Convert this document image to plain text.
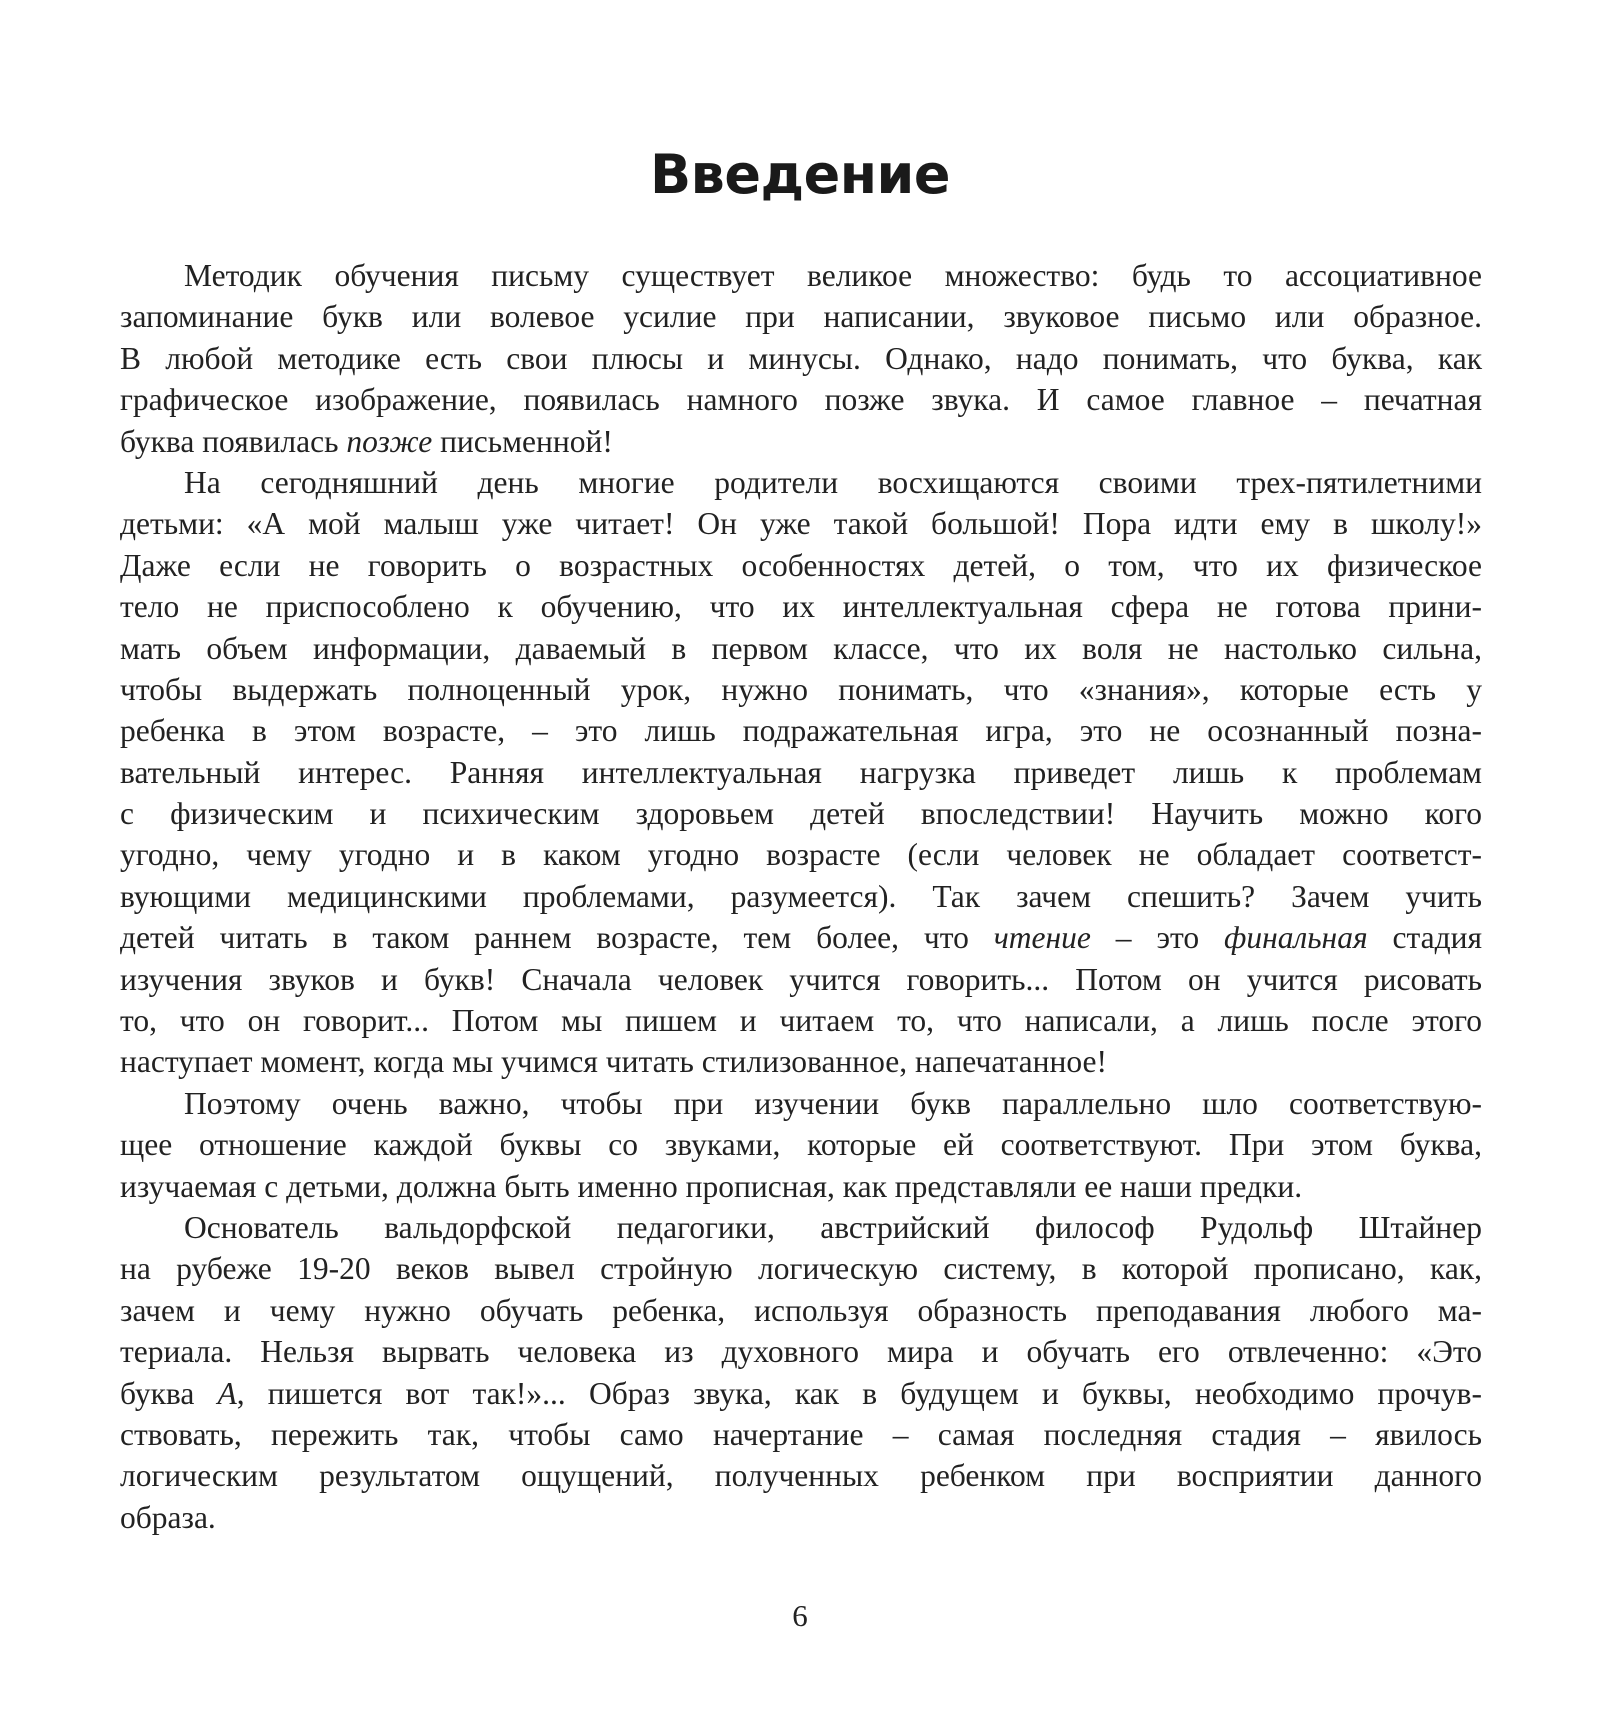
Введение
Методик обучения письму существует великое множество: будь то ассоциативное
запоминание букв или волевое усилие при написании, звуковое письмо или образное.
В любой методике есть свои плюсы и минусы. Однако, надо понимать, что буква, как
графическое изображение, появилась намного позже звука. И самое главное – печатная
буква появилась позже письменной!
На сегодняшний день многие родители восхищаются своими трех-пятилетними
детьми: «А мой малыш уже читает! Он уже такой большой! Пора идти ему в школу!»
Даже если не говорить о возрастных особенностях детей, о том, что их физическое
тело не приспособлено к обучению, что их интеллектуальная сфера не готова прини-
мать объем информации, даваемый в первом классе, что их воля не настолько сильна,
чтобы выдержать полноценный урок, нужно понимать, что «знания», которые есть у
ребенка в этом возрасте, – это лишь подражательная игра, это не осознанный позна-
вательный интерес. Ранняя интеллектуальная нагрузка приведет лишь к проблемам
с физическим и психическим здоровьем детей впоследствии! Научить можно кого
угодно, чему угодно и в каком угодно возрасте (если человек не обладает соответст-
вующими медицинскими проблемами, разумеется). Так зачем спешить? Зачем учить
детей читать в таком раннем возрасте, тем более, что чтение – это финальная стадия
изучения звуков и букв! Сначала человек учится говорить... Потом он учится рисовать
то, что он говорит... Потом мы пишем и читаем то, что написали, а лишь после этого
наступает момент, когда мы учимся читать стилизованное, напечатанное!
Поэтому очень важно, чтобы при изучении букв параллельно шло соответствую-
щее отношение каждой буквы со звуками, которые ей соответствуют. При этом буква,
изучаемая с детьми, должна быть именно прописная, как представляли ее наши предки.
Основатель вальдорфской педагогики, австрийский философ Рудольф Штайнер
на рубеже 19-20 веков вывел стройную логическую систему, в которой прописано, как,
зачем и чему нужно обучать ребенка, используя образность преподавания любого ма-
териала. Нельзя вырвать человека из духовного мира и обучать его отвлеченно: «Это
буква А, пишется вот так!»... Образ звука, как в будущем и буквы, необходимо прочув-
ствовать, пережить так, чтобы само начертание – самая последняя стадия – явилось
логическим результатом ощущений, полученных ребенком при восприятии данного
образа.
6
